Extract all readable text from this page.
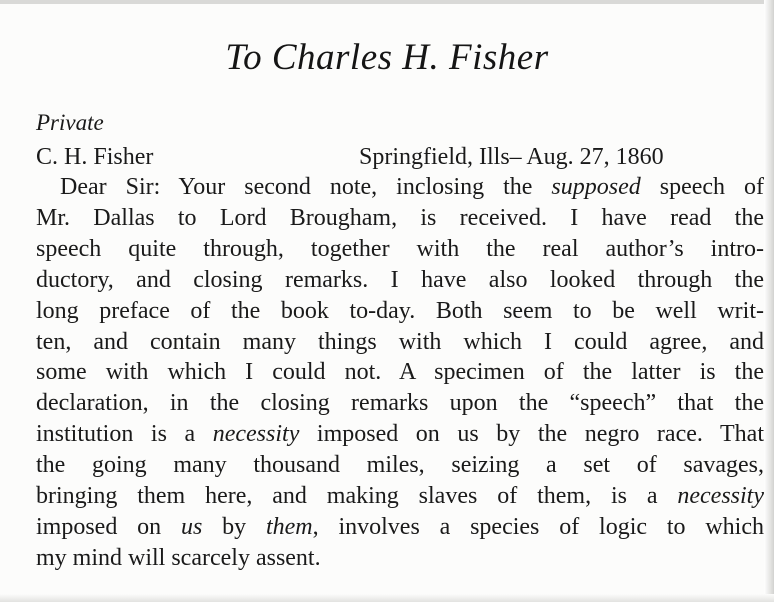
To Charles H. Fisher
Private
C. H. Fisher	Springfield, Ills– Aug. 27, 1860
Dear Sir: Your second note, inclosing the supposed speech of
Mr. Dallas to Lord Brougham, is received. I have read the
speech quite through, together with the real author’s intro-
ductory, and closing remarks. I have also looked through the
long preface of the book to-day. Both seem to be well writ-
ten, and contain many things with which I could agree, and
some with which I could not. A specimen of the latter is the
declaration, in the closing remarks upon the “speech” that the
institution is a necessity imposed on us by the negro race. That
the going many thousand miles, seizing a set of savages,
bringing them here, and making slaves of them, is a necessity
imposed on us by them, involves a species of logic to which
my mind will scarcely assent.
